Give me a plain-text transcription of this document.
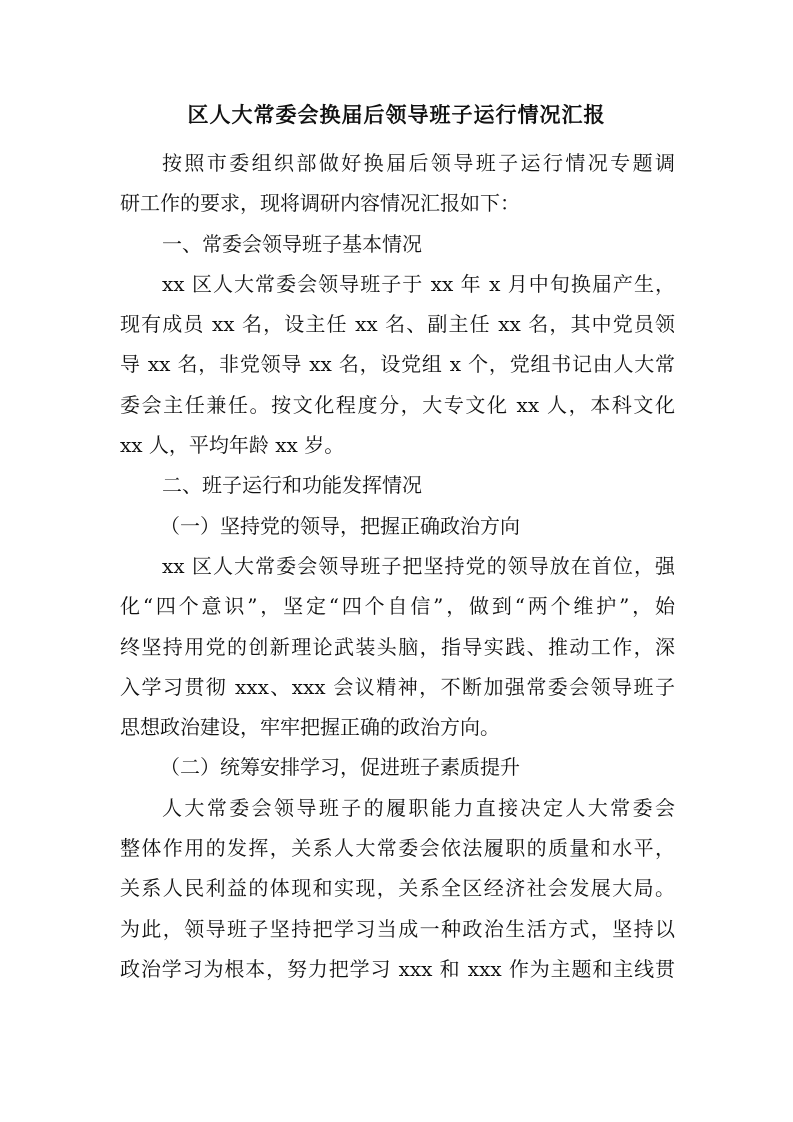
区人大常委会换届后领导班子运行情况汇报
按照市委组织部做好换届后领导班子运行情况专题调
研工作的要求，现将调研内容情况汇报如下：
一、常委会领导班子基本情况
xx 区人大常委会领导班子于 xx 年 x 月中旬换届产生，
现有成员 xx 名，设主任 xx 名、副主任 xx 名，其中党员领
导 xx 名，非党领导 xx 名，设党组 x 个，党组书记由人大常
委会主任兼任。按文化程度分，大专文化 xx 人，本科文化
xx 人，平均年龄 xx 岁。
二、班子运行和功能发挥情况
（一）坚持党的领导，把握正确政治方向
xx 区人大常委会领导班子把坚持党的领导放在首位，强
化“四个意识”，坚定“四个自信”，做到“两个维护”，始
终坚持用党的创新理论武装头脑，指导实践、推动工作，深
入学习贯彻 xxx、xxx 会议精神，不断加强常委会领导班子
思想政治建设，牢牢把握正确的政治方向。
（二）统筹安排学习，促进班子素质提升
人大常委会领导班子的履职能力直接决定人大常委会
整体作用的发挥，关系人大常委会依法履职的质量和水平，
关系人民利益的体现和实现，关系全区经济社会发展大局。
为此，领导班子坚持把学习当成一种政治生活方式，坚持以
政治学习为根本，努力把学习 xxx 和 xxx 作为主题和主线贯
